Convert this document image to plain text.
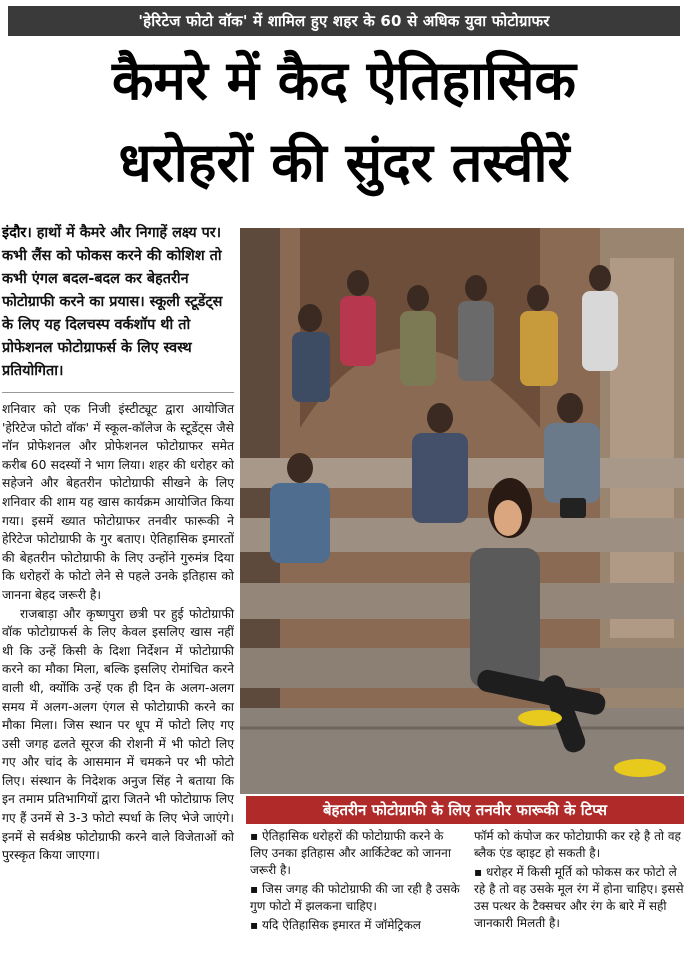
'हेरिटेज फोटो वॉक' में शामिल हुए शहर के 60 से अधिक युवा फोटोग्राफर
कैमरे में कैद ऐतिहासिक
धरोहरों की सुंदर तस्वीरें
इंदौर। हाथों में कैमरे और निगाहें लक्ष्य पर। कभी लैंस को फोकस करने की कोशिश तो कभी एंगल बदल-बदल कर बेहतरीन फोटोग्राफी करने का प्रयास। स्कूली स्टूडेंट्स के लिए यह दिलचस्प वर्कशॉप थी तो प्रोफेशनल फोटोग्राफर्स के लिए स्वस्थ प्रतियोगिता।

शनिवार को एक निजी इंस्टीट्यूट द्वारा आयोजित 'हेरिटेज फोटो वॉक' में स्कूल-कॉलेज के स्टूडेंट्स जैसे नॉन प्रोफेशनल और प्रोफेशनल फोटोग्राफर समेत करीब 60 सदस्यों ने भाग लिया। शहर की धरोहर को सहेजने और बेहतरीन फोटोग्राफी सीखने के लिए शनिवार की शाम यह खास कार्यक्रम आयोजित किया गया। इसमें ख्यात फोटोग्राफर तनवीर फारूकी ने हेरिटेज फोटोग्राफी के गुर बताए। ऐतिहासिक इमारतों की बेहतरीन फोटोग्राफी के लिए उन्होंने गुरुमंत्र दिया कि धरोहरों के फोटो लेने से पहले उनके इतिहास को जानना बेहद जरूरी है।

राजबाड़ा और कृष्णपुरा छत्री पर हुई फोटोग्राफी वॉक फोटोग्राफर्स के लिए केवल इसलिए खास नहीं थी कि उन्हें किसी के दिशा निर्देशन में फोटोग्राफी करने का मौका मिला, बल्कि इसलिए रोमांचित करने वाली थी, क्योंकि उन्हें एक ही दिन के अलग-अलग समय में अलग-अलग एंगल से फोटोग्राफी करने का मौका मिला। जिस स्थान पर धूप में फोटो लिए गए उसी जगह ढलते सूरज की रोशनी में भी फोटो लिए गए और चांद के आसमान में चमकने पर भी फोटो लिए। संस्थान के निदेशक अनुज सिंह ने बताया कि इन तमाम प्रतिभागियों द्वारा जितने भी फोटोग्राफ लिए गए हैं उनमें से 3-3 फोटो स्पर्धा के लिए भेजे जाएंगे। इनमें से सर्वश्रेष्ठ फोटोग्राफी करने वाले विजेताओं को पुरस्कृत किया जाएगा।

बेहतरीन फोटोग्राफी के लिए तनवीर फारूकी के टिप्स
▪ ऐतिहासिक धरोहरों की फोटोग्राफी करने के लिए उनका इतिहास और आर्किटेक्ट को जानना जरूरी है।
▪ जिस जगह की फोटोग्राफी की जा रही है उसके गुण फोटो में झलकना चाहिए।
▪ यदि ऐतिहासिक इमारत में जॉमेट्रिकल
फॉर्म को कंपोज कर फोटोग्राफी कर रहे है तो वह ब्लैक एंड व्हाइट हो सकती है।
▪ धरोहर में किसी मूर्ति को फोकस कर फोटो ले रहे है तो वह उसके मूल रंग में होना चाहिए। इससे उस पत्थर के टैक्सचर और रंग के बारे में सही जानकारी मिलती है।
